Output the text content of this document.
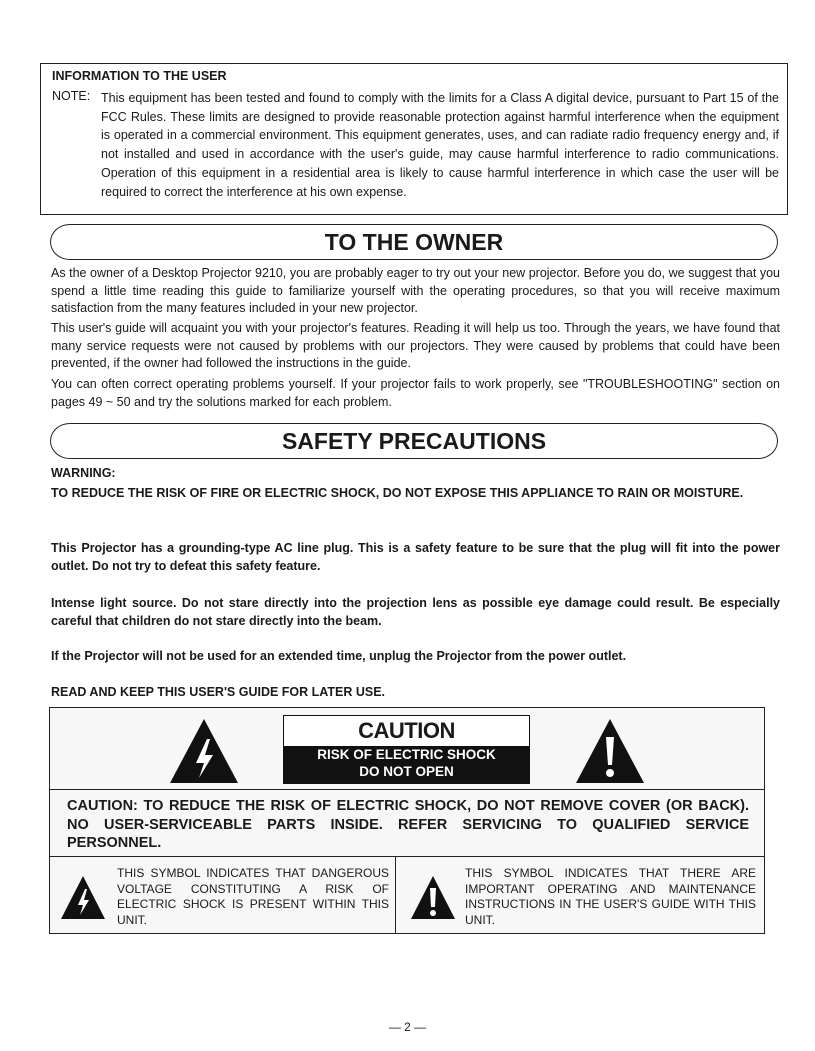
INFORMATION TO THE USER
NOTE: This equipment has been tested and found to comply with the limits for a Class A digital device, pursuant to Part 15 of the FCC Rules. These limits are designed to provide reasonable protection against harmful interference when the equipment is operated in a commercial environment. This equipment generates, uses, and can radiate radio frequency energy and, if not installed and used in accordance with the user's guide, may cause harmful interference to radio communications. Operation of this equipment in a residential area is likely to cause harmful interference in which case the user will be required to correct the interference at his own expense.
TO THE OWNER
As the owner of a Desktop Projector 9210, you are probably eager to try out your new projector. Before you do, we suggest that you spend a little time reading this guide to familiarize yourself with the operating procedures, so that you will receive maximum satisfaction from the many features included in your new projector.
This user's guide will acquaint you with your projector's features. Reading it will help us too. Through the years, we have found that many service requests were not caused by problems with our projectors. They were caused by problems that could have been prevented, if the owner had followed the instructions in the guide.
You can often correct operating problems yourself. If your projector fails to work properly, see "TROUBLESHOOTING" section on pages 49 ~ 50 and try the solutions marked for each problem.
SAFETY PRECAUTIONS
WARNING:
TO REDUCE THE RISK OF FIRE OR ELECTRIC SHOCK, DO NOT EXPOSE THIS APPLIANCE TO RAIN OR MOISTURE.
This Projector has a grounding-type AC line plug. This is a safety feature to be sure that the plug will fit into the power outlet. Do not try to defeat this safety feature.
Intense light source. Do not stare directly into the projection lens as possible eye damage could result. Be especially careful that children do not stare directly into the beam.
If the Projector will not be used for an extended time, unplug the Projector from the power outlet.
READ AND KEEP THIS USER'S GUIDE FOR LATER USE.
CAUTION
RISK OF ELECTRIC SHOCK
DO NOT OPEN
CAUTION: TO REDUCE THE RISK OF ELECTRIC SHOCK, DO NOT REMOVE COVER (OR BACK). NO USER-SERVICEABLE PARTS INSIDE. REFER SERVICING TO QUALIFIED SERVICE PERSONNEL.
THIS SYMBOL INDICATES THAT DANGEROUS VOLTAGE CONSTITUTING A RISK OF ELECTRIC SHOCK IS PRESENT WITHIN THIS UNIT.
THIS SYMBOL INDICATES THAT THERE ARE IMPORTANT OPERATING AND MAINTENANCE INSTRUCTIONS IN THE USER'S GUIDE WITH THIS UNIT.
— 2 —
